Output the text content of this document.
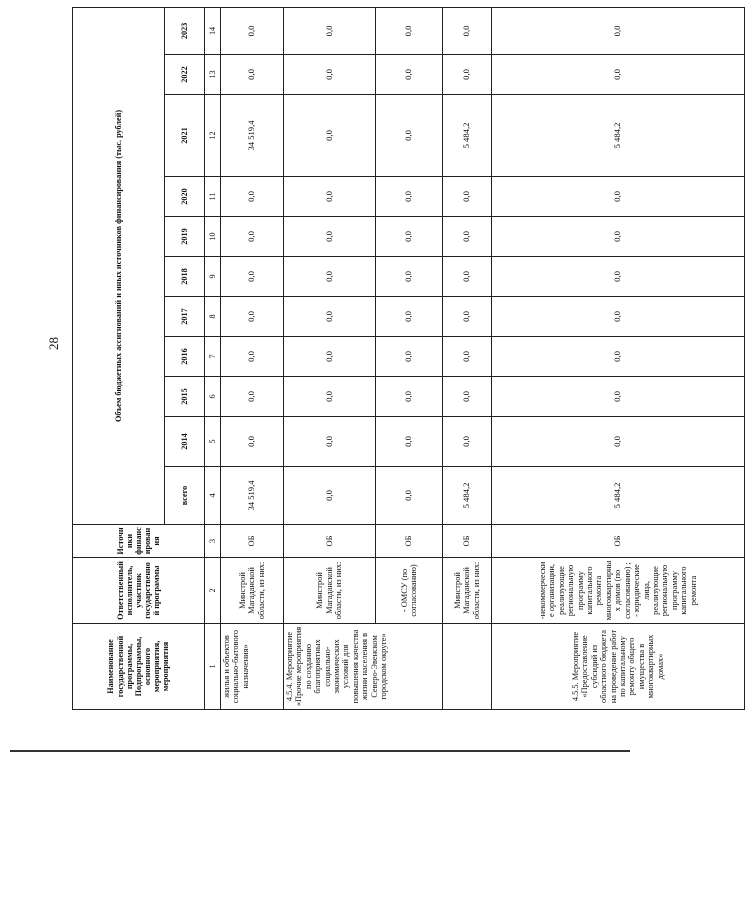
28
Наименование государственной программы, Подпрограммы, основного мероприятия, мероприятия	Ответственный исполнитель, участник государственной программы	Источники финансирования	Объем бюджетных ассигнований и иных источников финансирования (тыс. рублей)										
			всего	2014	2015	2016	2017	2018	2019	2020	2021	2022	2023
1	2	3	4	5	6	7	8	9	10	11	12	13	14
жилья и объектов социально-бытового назначения»	Минстрой Магаданской области, из них:	ОБ	34 519,4	0,0	0,0	0,0	0,0	0,0	0,0	0,0	34 519,4	0,0	0,0
4.5.4. Мероприятие «Прочие мероприятия по созданию благоприятных социально-экономических условий для повышения качества жизни населения в Северо-Эвенском городском округе»	Минстрой Магаданской области, из них:	ОБ	0,0	0,0	0,0	0,0	0,0	0,0	0,0	0,0	0,0	0,0	0,0
	- ОМСУ (по согласованию)	ОБ	0,0	0,0	0,0	0,0	0,0	0,0	0,0	0,0	0,0	0,0	0,0
	Минстрой Магаданской области, из них:	ОБ	5 484,2	0,0	0,0	0,0	0,0	0,0	0,0	0,0	5 484,2	0,0	0,0
4.5.5. Мероприятие «Предоставление субсидий из областного бюджета на проведение работ по капитальному ремонту общего имущества в многоквартирных домах»	-некоммерческие организации, реализующие региональную программу капитального ремонта многоквартирных домов (по согласованию) ; - юридические лица, реализующие региональную программу капитального ремонта	ОБ	5 484,2	0,0	0,0	0,0	0,0	0,0	0,0	0,0	5 484,2	0,0	0,0
